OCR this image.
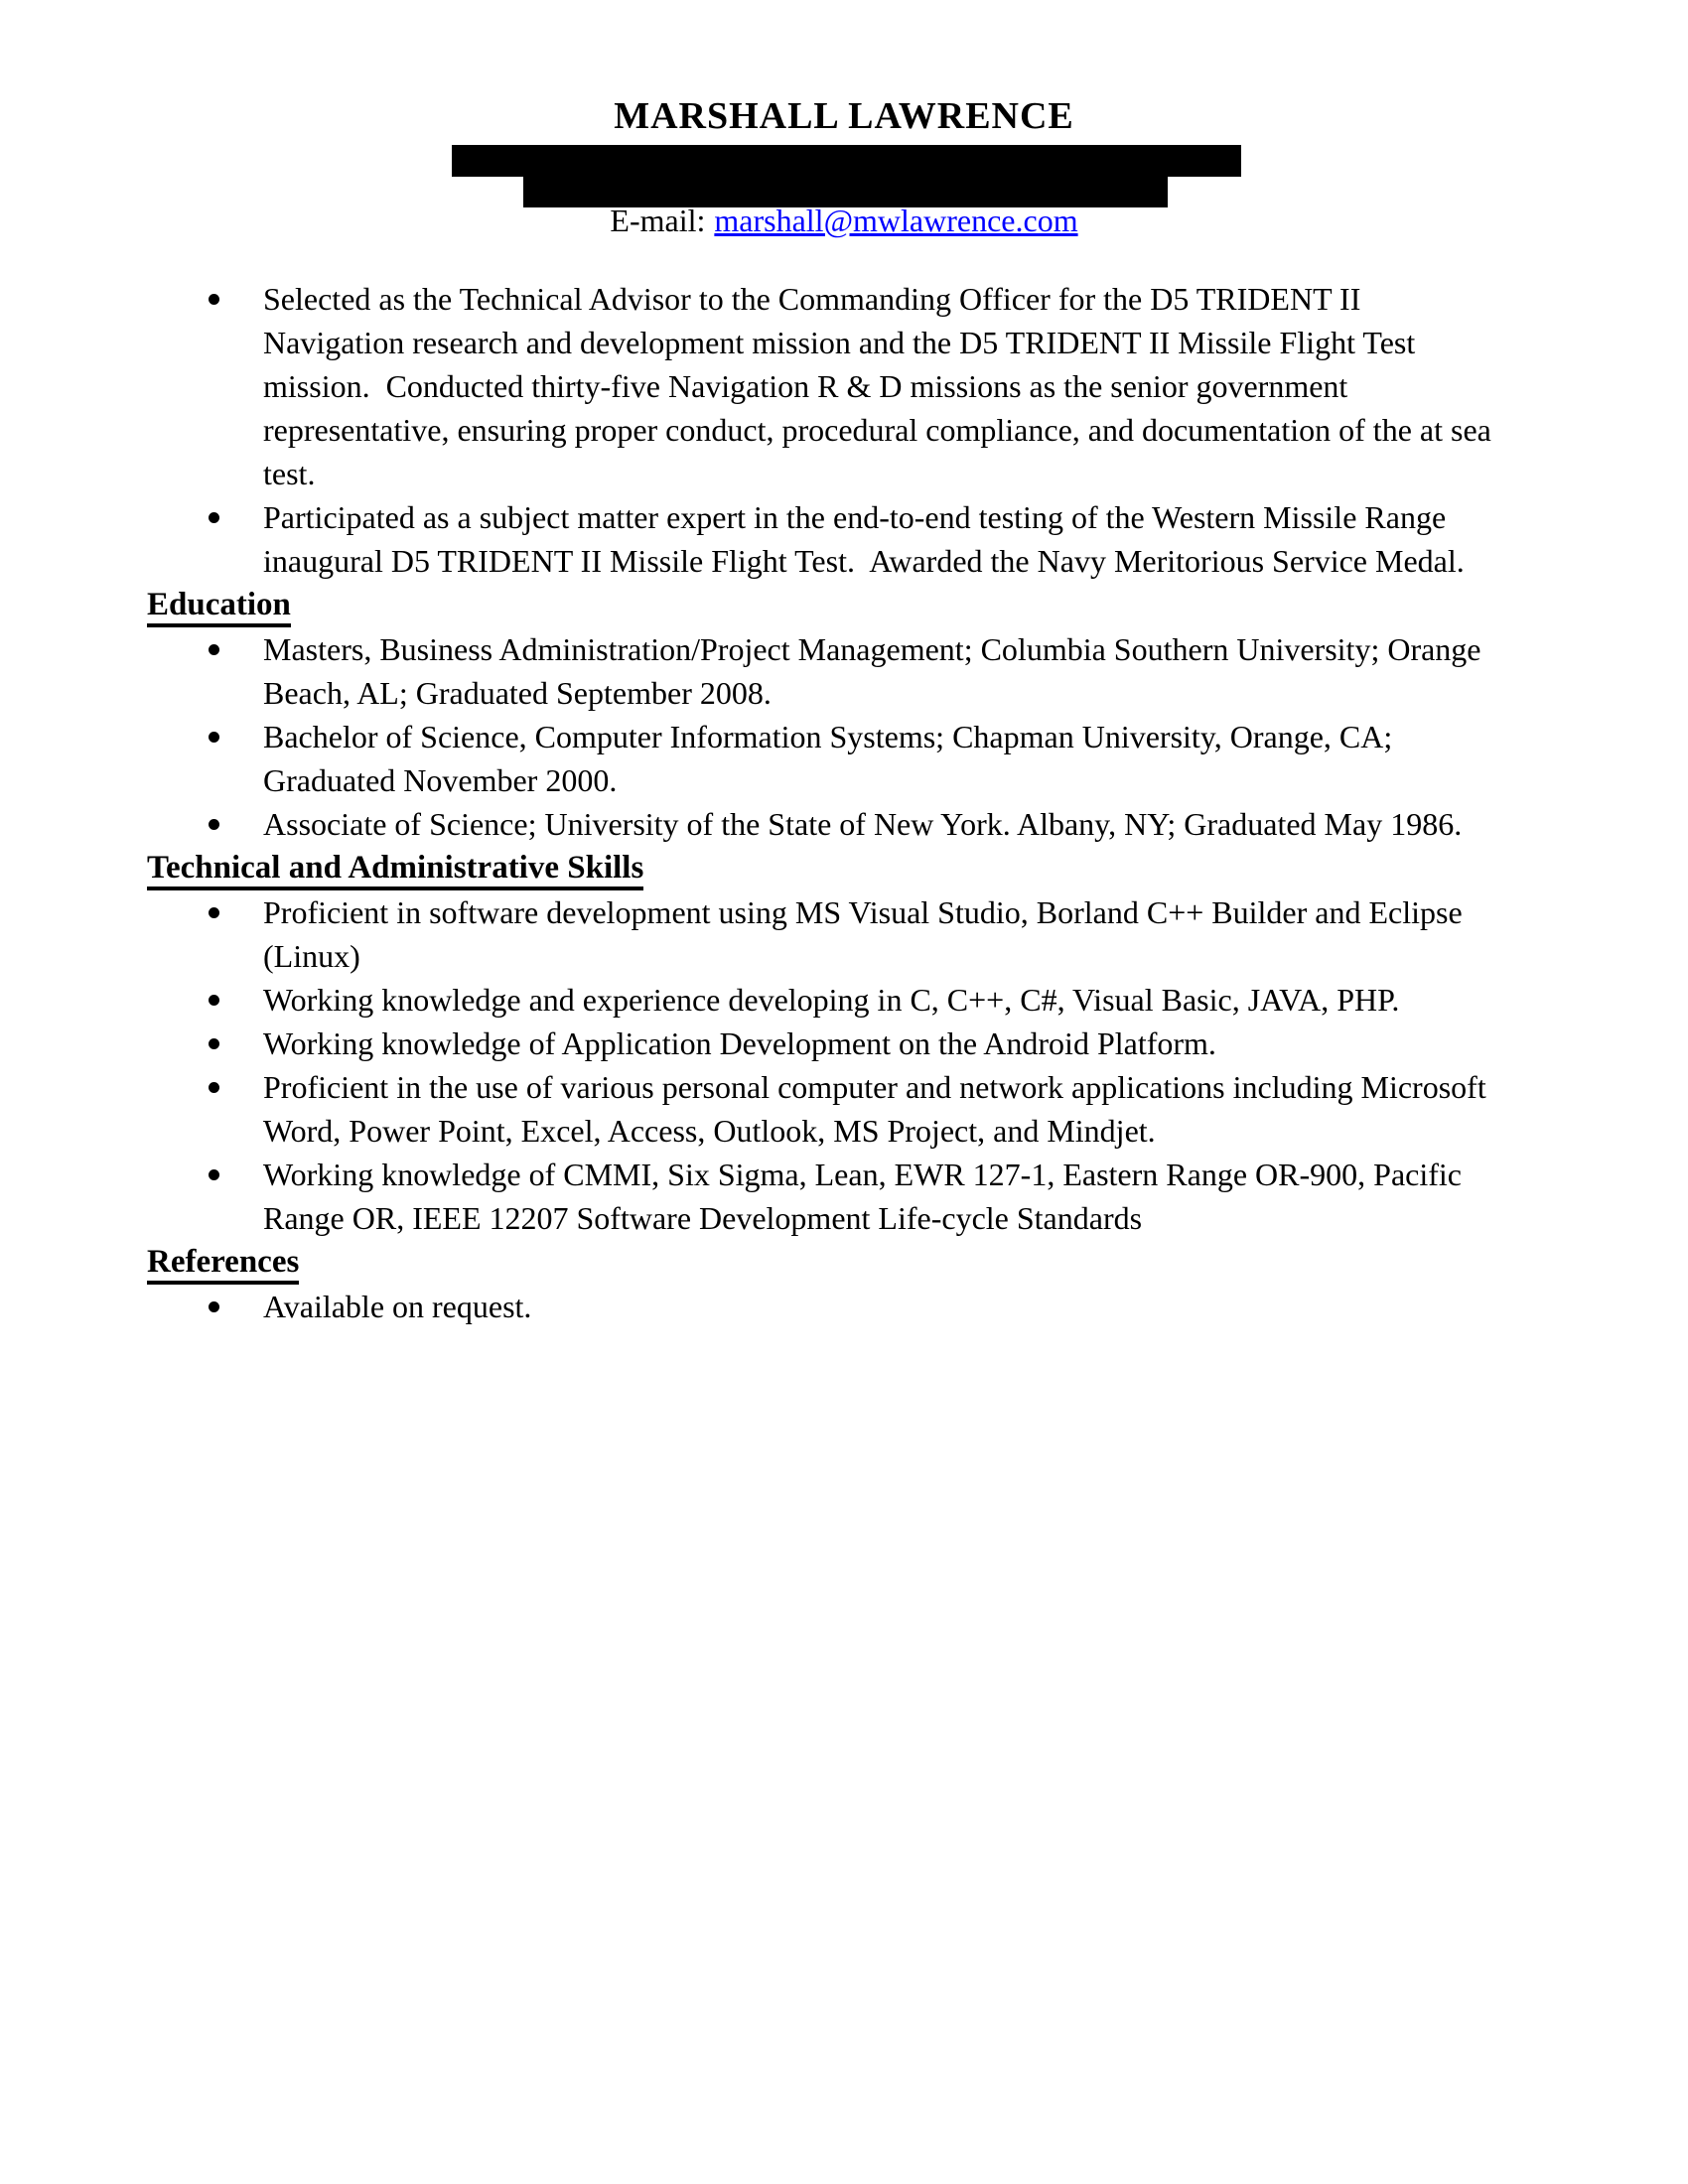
MARSHALL LAWRENCE
E-mail: marshall@mwlawrence.com
Selected as the Technical Advisor to the Commanding Officer for the D5 TRIDENT II Navigation research and development mission and the D5 TRIDENT II Missile Flight Test mission.  Conducted thirty-five Navigation R & D missions as the senior government representative, ensuring proper conduct, procedural compliance, and documentation of the at sea test.
Participated as a subject matter expert in the end-to-end testing of the Western Missile Range inaugural D5 TRIDENT II Missile Flight Test.  Awarded the Navy Meritorious Service Medal.
Education
Masters, Business Administration/Project Management; Columbia Southern University; Orange Beach, AL; Graduated September 2008.
Bachelor of Science, Computer Information Systems; Chapman University, Orange, CA; Graduated November 2000.
Associate of Science; University of the State of New York. Albany, NY; Graduated May 1986.
Technical and Administrative Skills
Proficient in software development using MS Visual Studio, Borland C++ Builder and Eclipse (Linux)
Working knowledge and experience developing in C, C++, C#, Visual Basic, JAVA, PHP.
Working knowledge of Application Development on the Android Platform.
Proficient in the use of various personal computer and network applications including Microsoft Word, Power Point, Excel, Access, Outlook, MS Project, and Mindjet.
Working knowledge of CMMI, Six Sigma, Lean, EWR 127-1, Eastern Range OR-900, Pacific Range OR, IEEE 12207 Software Development Life-cycle Standards
References
Available on request.
